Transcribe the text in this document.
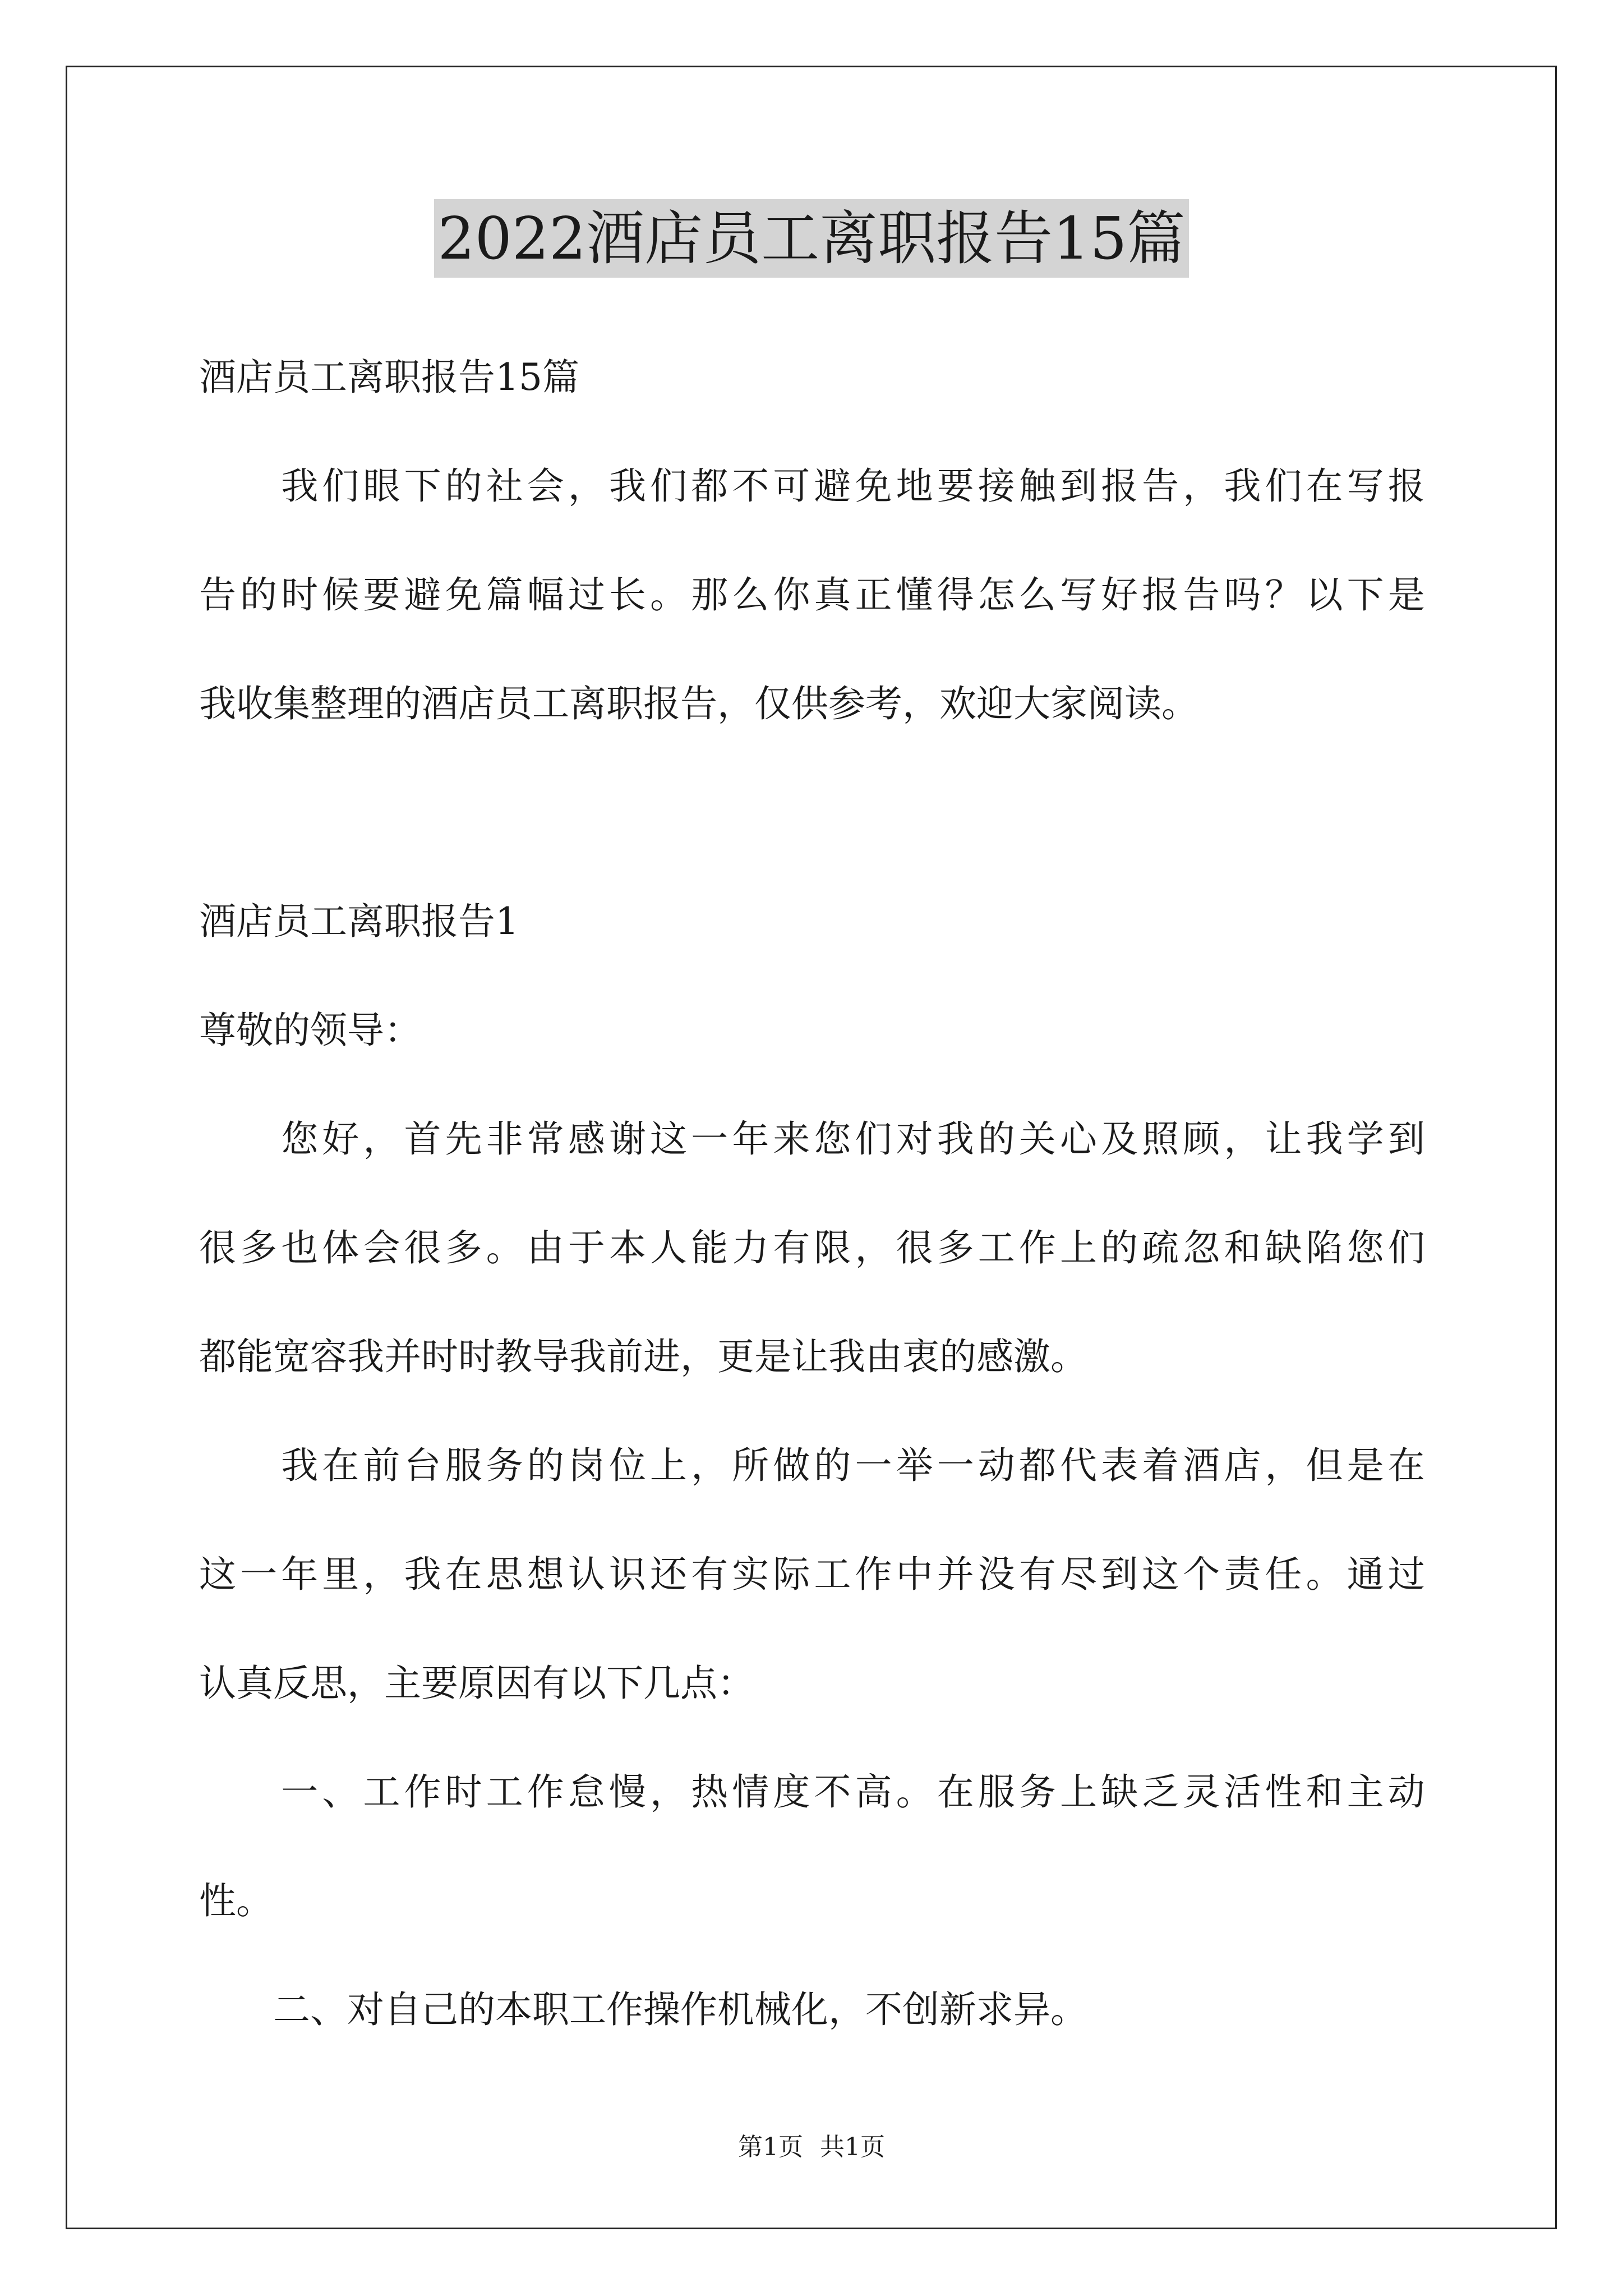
2022酒店员工离职报告15篇
酒店员工离职报告15篇

我 们 眼 下 的 社 会 ， 我 们 都 不 可 避 免 地 要 接 触 到 报 告 ， 我 们 在 写 报
告 的 时 候 要 避 免 篇 幅 过 长 。 那 么 你 真 正 懂 得 怎 么 写 好 报 告 吗 ？ 以 下 是
我收集整理的酒店员工离职报告，仅供参考，欢迎大家阅读。
酒店员工离职报告1
尊敬的领导：

您 好 ， 首 先 非 常 感 谢 这 一 年 来 您 们 对 我 的 关 心 及 照 顾 ， 让 我 学 到
很 多 也 体 会 很 多 。 由 于 本 人 能 力 有 限 ， 很 多 工 作 上 的 疏 忽 和 缺 陷 您 们
都能宽容我并时时教导我前进，更是让我由衷的感激。

我 在 前 台 服 务 的 岗 位 上 ， 所 做 的 一 举 一 动 都 代 表 着 酒 店 ， 但 是 在
这 一 年 里 ， 我 在 思 想 认 识 还 有 实 际 工 作 中 并 没 有 尽 到 这 个 责 任 。 通 过
认真反思，主要原因有以下几点：

一 、 工 作 时 工 作 怠 慢 ， 热 情 度 不 高 。 在 服 务 上 缺 乏 灵 活 性 和 主 动
性。
　　二、对自己的本职工作操作机械化，不创新求异。
第1页 共1页
